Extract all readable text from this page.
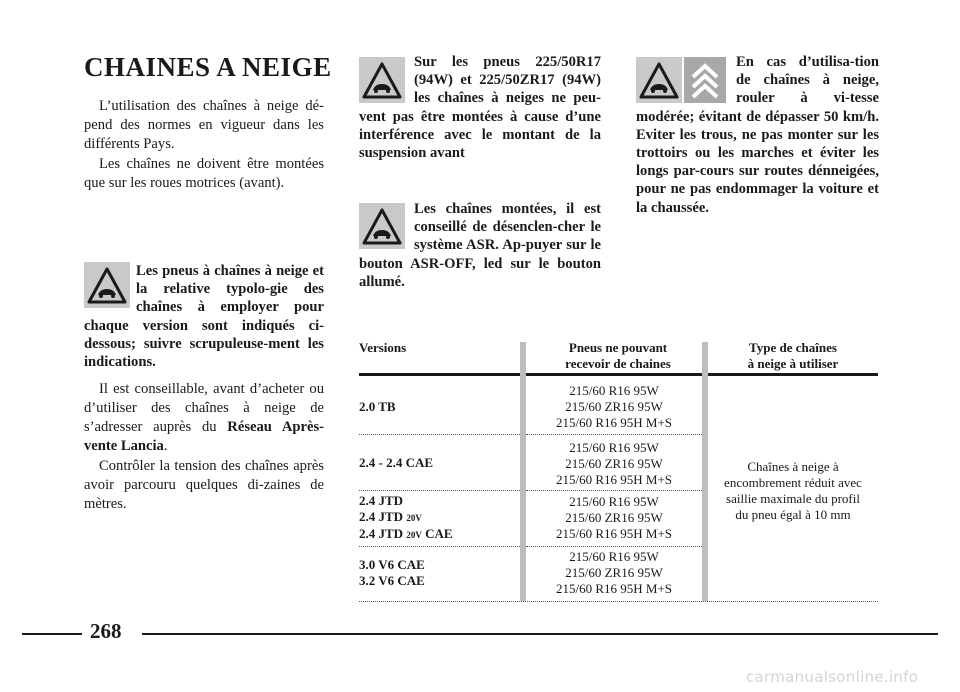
CHAINES A NEIGE
L’utilisation des chaînes à neige dé-pend des normes en vigueur dans les différents Pays.
Les chaînes ne doivent être montées que sur les roues motrices (avant).
Les pneus à chaînes à neige et la relative typolo-gie des chaînes à employer pour chaque version sont indiqués ci-dessous; suivre scrupuleuse-ment les indications.
Il est conseillable, avant d’acheter ou d’utiliser des chaînes à neige de s’adresser auprès du Réseau Après-vente Lancia.
Contrôler la tension des chaînes après avoir parcouru quelques di-zaines de mètres.
Sur les pneus 225/50R17 (94W) et 225/50ZR17 (94W) les chaînes à neiges ne peu-vent pas être montées à cause d’une interférence avec le montant de la suspension avant
Les chaînes montées, il est conseillé de désenclen-cher le système ASR. Ap-puyer sur le bouton ASR-OFF, led sur le bouton allumé.
En cas d’utilisa-tion de chaînes à neige, rouler à vi-tesse modérée; évitant de dépasser 50 km/h. Eviter les trous, ne pas monter sur les trottoirs ou les marches et éviter les longs par-cours sur routes dénneigées, pour ne pas endommager la voiture et la chaussée.
Versions	Pneus ne pouvant
recevoir de chaines
Type de chaînes
à neige à utiliser
2.0 TB
215/60 R16 95W
215/60 ZR16 95W
215/60 R16 95H M+S
2.4 - 2.4 CAE
215/60 R16 95W
215/60 ZR16 95W
215/60 R16 95H M+S
2.4 JTD
2.4 JTD 20V
2.4 JTD 20V CAE
215/60 R16 95W
215/60 ZR16 95W
215/60 R16 95H M+S
3.0 V6 CAE
3.2 V6 CAE
215/60 R16 95W
215/60 ZR16 95W
215/60 R16 95H M+S
Chaînes à neige à
encombrement réduit avec
saillie maximale du profil
du pneu égal à 10 mm
268
carmanualsonline.info
